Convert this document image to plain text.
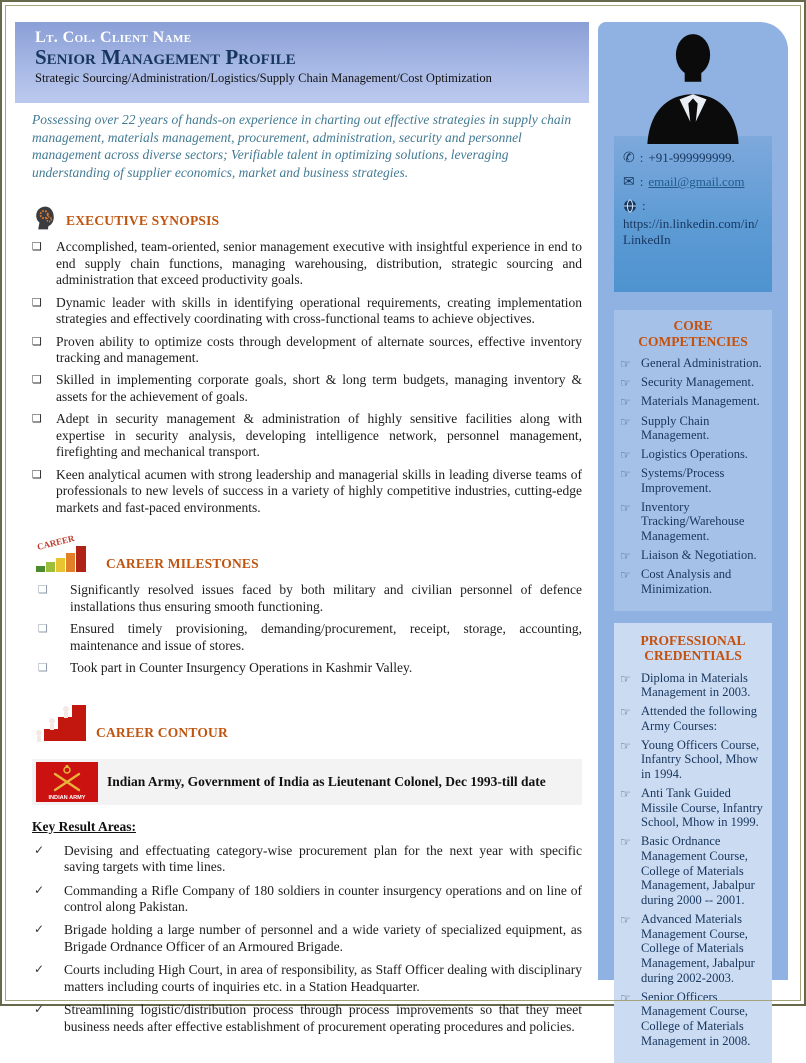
Lt. Col. Client Name
Senior Management Profile
Strategic Sourcing/Administration/Logistics/Supply Chain Management/Cost Optimization

Possessing over 22 years of hands-on experience in charting out effective strategies in supply chain management, materials management, procurement, administration, security and personnel management across diverse sectors; Verifiable talent in optimizing solutions, leveraging understanding of supplier economics, market and business strategies.

EXECUTIVE SYNOPSIS
❑	Accomplished, team-oriented, senior management executive with insightful experience in end to end supply chain functions, managing warehousing, distribution, strategic sourcing and administration that exceed productivity goals.
❑	Dynamic leader with skills in identifying operational requirements, creating implementation strategies and effectively coordinating with cross-functional teams to achieve objectives.
❑	Proven ability to optimize costs through development of alternate sources, effective inventory tracking and management.
❑	Skilled in implementing corporate goals, short & long term budgets, managing inventory & assets for the achievement of goals.
❑	Adept in security management & administration of highly sensitive facilities along with expertise in security analysis, developing intelligence network, personnel management, firefighting and mechanical transport.
❑	Keen analytical acumen with strong leadership and managerial skills in leading diverse teams of professionals to new levels of success in a variety of highly competitive industries, cutting-edge markets and fast-paced environments.
CAREER
CAREER MILESTONES
❑	Significantly resolved issues faced by both military and civilian personnel of defence installations thus ensuring smooth functioning.
❑	Ensured timely provisioning, demanding/procurement, receipt, storage, accounting, maintenance and issue of stores.
❑	Took part in Counter Insurgency Operations in Kashmir Valley.
CAREER CONTOUR
INDIAN ARMY
Indian Army, Government of India as Lieutenant Colonel, Dec 1993-till date
Key Result Areas:
✓ Devising and effectuating category-wise procurement plan for the next year with specific saving targets with time lines.
✓ Commanding a Rifle Company of 180 soldiers in counter insurgency operations and on line of control along Pakistan.
✓ Brigade holding a large number of personnel and a wide variety of specialized equipment, as Brigade Ordnance Officer of an Armoured Brigade.
✓ Courts including High Court, in area of responsibility, as Staff Officer dealing with disciplinary matters including courts of inquiries etc. in a Station Headquarter.
✓ Streamlining logistic/distribution process through process improvements so that they meet business needs after effective establishment of procurement operating procedures and policies.
✆ : +91-999999999.
✉ : email@gmail.com
:
https://in.linkedin.com/in/LinkedIn
CORE COMPETENCIES
☞ General Administration.
☞ Security Management.
☞ Materials Management.
☞ Supply Chain Management.
☞ Logistics Operations.
☞ Systems/Process Improvement.
☞ Inventory Tracking/Warehouse Management.
☞ Liaison & Negotiation.
☞ Cost Analysis and Minimization.
PROFESSIONAL CREDENTIALS
☞ Diploma in Materials Management in 2003.
☞ Attended the following Army Courses:
☞ Young Officers Course, Infantry School, Mhow in 1994.
☞ Anti Tank Guided Missile Course, Infantry School, Mhow in 1999.
☞ Basic Ordnance Management Course, College of Materials Management, Jabalpur during 2000 -- 2001.
☞ Advanced Materials Management Course, College of Materials Management, Jabalpur during 2002-2003.
☞ Senior Officers Management Course, College of Materials Management in 2008.
